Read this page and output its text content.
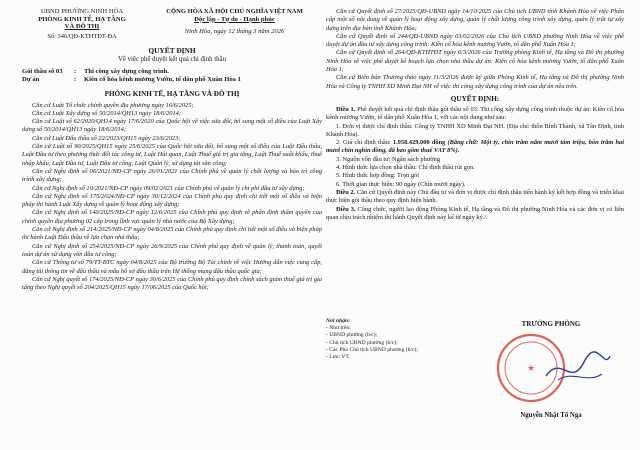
UBND PHƯỜNG NINH HÒA
PHÒNG KINH TẾ, HẠ TẦNG
VÀ ĐÔ THỊ
Số: 346/QĐ-KTHTĐT-ĐA
CỘNG HÒA XÃ HỘI CHỦ NGHĨA VIỆT NAM
Độc lập - Tự do - Hạnh phúc
Ninh Hòa, ngày 12 tháng 3 năm 2026
QUYẾT ĐỊNH
Về việc phê duyệt kết quả chỉ định thầu
Gói thầu số 03	:	Thi công xây dựng công trình.
Dự án	:	Kiên cố hóa kênh mương Vườn, tổ dân phố Xuân Hòa 1
PHÒNG KINH TẾ, HẠ TẦNG VÀ ĐÔ THỊ

Căn cứ Luật Tổ chức chính quyền địa phương ngày 16/6/2025;

Căn cứ Luật Xây dựng số 50/2014/QH13 ngày 18/6/2014;

Căn cứ Luật số 62/2020/QH14 ngày 17/6/2020 của Quốc hội về việc sửa đổi, bổ sung một số điều của Luật Xây dựng số 50/2014/QH13 ngày 18/6/2014;

Căn cứ Luật Đấu thầu số 22/2023/QH15 ngày 23/6/2023;

Căn cứ Luật số 90/2025/QH15 ngày 25/6/2025 của Quốc hội sửa đổi, bổ sung một số điều của Luật Đấu thầu, Luật Đầu tư theo phương thức đối tác công tư, Luật Hải quan, Luật Thuế giá trị gia tăng, Luật Thuế xuất khẩu, thuế nhập khẩu, Luật Đầu tư, Luật Đầu tư công, Luật Quản lý, sử dụng tài sản công;

Căn cứ Nghị định số 06/2021/NĐ-CP ngày 26/01/2021 của Chính phủ về quản lý chất lượng và bảo trì công trình xây dựng;

Căn cứ Nghị định số 10/2021/NĐ-CP ngày 09/02/2021 của Chính phủ về quản lý chi phí đầu tư xây dựng;

Căn cứ Nghị định số 175/2024/NĐ-CP ngày 30/12/2024 của Chính phủ quy định chi tiết một số điều và biện pháp thi hành Luật Xây dựng về quản lý hoạt động xây dựng;

Căn cứ Nghị định số 140/2025/NĐ-CP ngày 12/6/2025 của Chính phủ quy định về phân định thẩm quyền của chính quyền địa phương 02 cấp trong lĩnh vực quản lý nhà nước của Bộ Xây dựng;

Căn cứ Nghị định số 214/2025/NĐ-CP ngày 04/8/2025 của Chính phủ quy định chi tiết một số điều và biện pháp thi hành Luật Đấu thầu về lựa chọn nhà thầu;

Căn cứ Nghị định số 254/2025/NĐ-CP ngày 26/9/2025 của Chính phủ quy định về quản lý, thanh toán, quyết toán dự án sử dụng vốn đầu tư công;

Căn cứ Thông tư số 79/TT-BTC ngày 04/8/2025 của Bộ trưởng Bộ Tài chính về việc Hướng dẫn việc cung cấp, đăng tải thông tin về đấu thầu và mẫu hồ sơ đấu thầu trên Hệ thống mạng đấu thầu quốc gia;

Căn cứ Nghị quyết số 174/2025/NĐ-CP ngày 30/6/2025 của Chính phủ quy định chính sách giảm thuế giá trị gia tăng theo Nghị quyết số 204/2025/QH15 ngày 17/06/2025 của Quốc hội;

Căn cứ Quyết định số 27/2025/QĐ-UBND ngày 14/10/2025 của Chủ tịch UBND tỉnh Khánh Hòa về việc Phân cấp một số nội dung về quản lý hoạt động xây dựng, quản lý chất lượng công trình xây dựng, quản lý trật tự xây dựng trên địa bàn tỉnh Khánh Hòa;

Căn cứ Quyết định số 244/QĐ-UBND ngày 03/02/2026 của Chủ tịch UBND phường Ninh Hòa về việc phê duyệt dự án đầu tư xây dựng công trình: Kiên cố hóa kênh mương Vườn, tổ dân phố Xuân Hòa 1;

Căn cứ Quyết định số 264/QĐ-KTHTĐT ngày 6/3/2026 của Trưởng phòng Kinh tế, Hạ tầng và Đô thị phường Ninh Hòa về việc phê duyệt kế hoạch lựa chọn nhà thầu dự án: Kiên cố hóa kênh mương Vườn, tổ dân phố Xuân Hòa 1;

Căn cứ Biên bản Thương thảo ngày 11/3/2026 được ký giữa Phòng Kinh tế, Hạ tầng và Đô thị phường Ninh Hòa và Công ty TNHH XD Minh Đạt NH về việc thi công xây dựng công trình của dự án nêu trên.

QUYẾT ĐỊNH:

Điều 1. Phê duyệt kết quả chỉ định thầu gói thầu số 03: Thi công xây dựng công trình thuộc dự án: Kiên cố hóa kênh mương Vườn, tổ dân phố Xuân Hòa 1, với các nội dung như sau:

1. Đơn vị được chỉ định thầu: Công ty TNHH XD Minh Đạt NH. (Địa chỉ: thôn Bình Thành, xã Tân Định, tỉnh Khánh Hòa).

2. Giá chỉ định thầu: 1.958.429.000 đồng (Bằng chữ: Một tỷ, chín trăm năm mươi tám triệu, bốn trăm hai mươi chín nghìn đồng, đã bao gồm thuế VAT 8%).

3. Nguồn vốn đầu tư: Ngân sách phường

4. Hình thức lựa chọn nhà thầu: Chỉ định thầu rút gọn.

5. Hình thức hợp đồng: Trọn gói

6. Thời gian thực hiện: 90 ngày (Chín mươi ngày).

Điều 2. Căn cứ Quyết định này Chủ đầu tư và đơn vị được chỉ định thầu tiến hành ký kết hợp đồng và triển khai thực hiện gói thầu theo quy định hiện hành.

Điều 3. Công chức, người lao động Phòng Kinh tế, Hạ tầng và Đô thị phường Ninh Hòa và các đơn vị có liên quan chịu trách nhiệm thi hành Quyết định này kể từ ngày ký./.

Nơi nhận:
- Như trên;
- UBND phường (b/c);
- Chủ tịch UBND phường (b/c);
- Các Phó Chủ tịch UBND phường (b/c);
- Lưu: VT.
TRƯỞNG PHÒNG
★
Nguyễn Nhật Tố Nga
